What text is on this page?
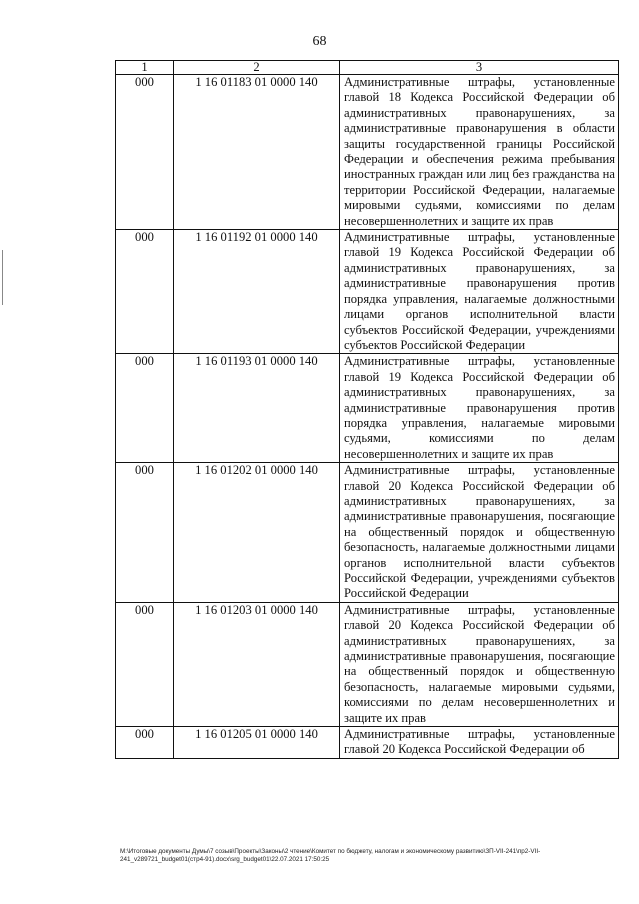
68
1	2	3
000	1 16 01183 01 0000 140	Административные штрафы, установленные главой 18 Кодекса Российской Федерации об административных правонарушениях, за административные правонарушения в области защиты государственной границы Российской Федерации и обеспечения режима пребывания иностранных граждан или лиц без гражданства на территории Российской Федерации, налагаемые мировыми судьями, комиссиями по делам несовершеннолетних и защите их прав
000	1 16 01192 01 0000 140	Административные штрафы, установленные главой 19 Кодекса Российской Федерации об административных правонарушениях, за административные правонарушения против порядка управления, налагаемые должностными лицами органов исполнительной власти субъектов Российской Федерации, учреждениями субъектов Российской Федерации
000	1 16 01193 01 0000 140	Административные штрафы, установленные главой 19 Кодекса Российской Федерации об административных правонарушениях, за административные правонарушения против порядка управления, налагаемые мировыми судьями, комиссиями по делам несовершеннолетних и защите их прав
000	1 16 01202 01 0000 140	Административные штрафы, установленные главой 20 Кодекса Российской Федерации об административных правонарушениях, за административные правонарушения, посягающие на общественный порядок и общественную безопасность, налагаемые должностными лицами органов исполнительной власти субъектов Российской Федерации, учреждениями субъектов Российской Федерации
000	1 16 01203 01 0000 140	Административные штрафы, установленные главой 20 Кодекса Российской Федерации об административных правонарушениях, за административные правонарушения, посягающие на общественный порядок и общественную безопасность, налагаемые мировыми судьями, комиссиями по делам несовершеннолетних и защите их прав
000	1 16 01205 01 0000 140	Административные штрафы, установленные главой 20 Кодекса Российской Федерации об
M:\Итоговые документы Думы\7 созыв\Проекты\Законы\2 чтение\Комитет по бюджету, налогам и экономическому развитию\ЗП-VII-241\пр2-VII-241_v289721_budget01(стр4-91).docx\srg_budget01\22.07.2021 17:50:25
